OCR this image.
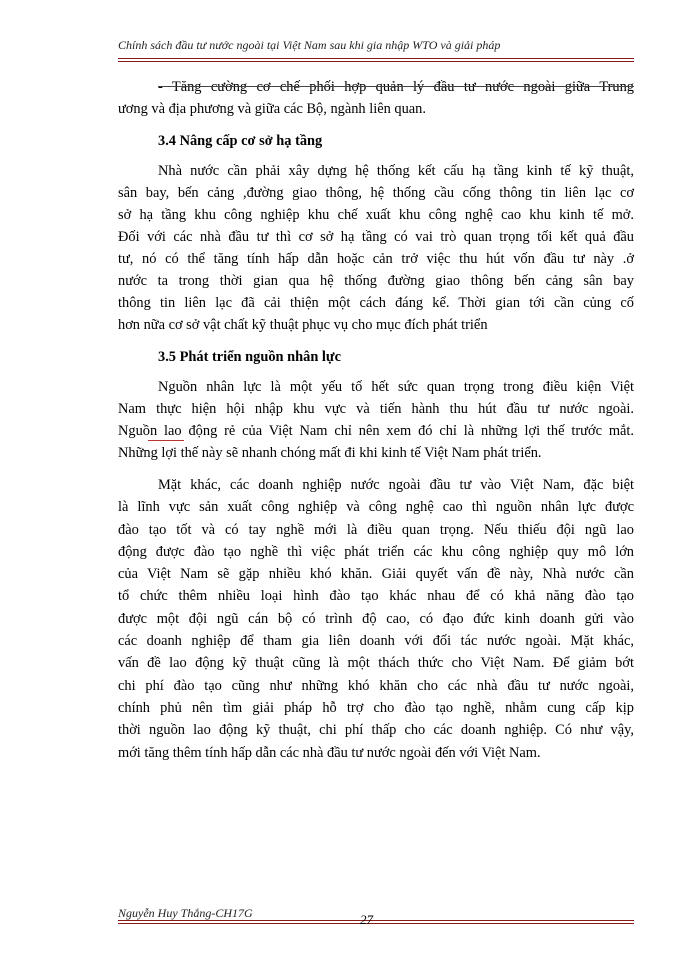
Chính sách đầu tư nước ngoài tại Việt Nam sau khi gia nhập WTO và giải pháp

- Tăng cường cơ chế phối hợp quản lý đầu tư nước ngoài giữa Trung
ương và địa phương và giữa các Bộ, ngành liên quan.

3.4 Nâng cấp cơ sở hạ tầng

Nhà nước cần phải xây dựng hệ thống kết cấu hạ tầng kinh tế kỹ thuật,
sân bay, bến cảng ,đường giao thông, hệ thống cầu cống thông tin liên lạc cơ
sở hạ tầng khu công nghiệp khu chế xuất khu công nghệ cao khu kinh tế mở.
Đối với các nhà đầu tư thì cơ sở hạ tầng có vai trò quan trọng tối kết quả đầu
tư, nó có thể tăng tính hấp dẫn hoặc cản trở việc thu hút vốn đầu tư này .ở
nước ta trong thời gian qua hệ thống đường giao thông bến cảng sân bay
thông tin liên lạc đã cải thiện một cách đáng kể. Thời gian tới cần củng cố
hơn nữa cơ sở vật chất kỹ thuật phục vụ cho mục đích phát triển

3.5 Phát triển nguồn nhân lực

Nguồn nhân lực là một yếu tố hết sức quan trọng trong điều kiện Việt
Nam thực hiện hội nhập khu vực và tiến hành thu hút đầu tư nước ngoài.
Nguồn lao động rẻ của Việt Nam chỉ nên xem đó chỉ là những lợi thế trước mắt.
Những lợi thế này sẽ nhanh chóng mất đi khi kinh tế Việt Nam phát triển.

Mặt khác, các doanh nghiệp nước ngoài đầu tư vào Việt Nam, đặc biệt
là lĩnh vực sản xuất công nghiệp và công nghệ cao thì nguồn nhân lực được
đào tạo tốt và có tay nghề mới là điều quan trọng. Nếu thiếu đội ngũ lao
động được đào tạo nghề thì việc phát triển các khu công nghiệp quy mô lớn
của Việt Nam sẽ gặp nhiều khó khăn. Giải quyết vấn đề này, Nhà nước cần
tổ chức thêm nhiều loại hình đào tạo khác nhau để có khả năng đào tạo
được một đội ngũ cán bộ có trình độ cao, có đạo đức kinh doanh gửi vào
các doanh nghiệp để tham gia liên doanh với đối tác nước ngoài. Mặt khác,
vấn đề lao động kỹ thuật cũng là một thách thức cho Việt Nam. Để giảm bớt
chi phí đào tạo cũng như những khó khăn cho các nhà đầu tư nước ngoài,
chính phủ nên tìm giải pháp hỗ trợ cho đào tạo nghề, nhằm cung cấp kịp
thời nguồn lao động kỹ thuật, chi phí thấp cho các doanh nghiệp. Có như vậy,
mới tăng thêm tính hấp dẫn các nhà đầu tư nước ngoài đến với Việt Nam.

Nguyễn Huy Thắng-CH17G	27
